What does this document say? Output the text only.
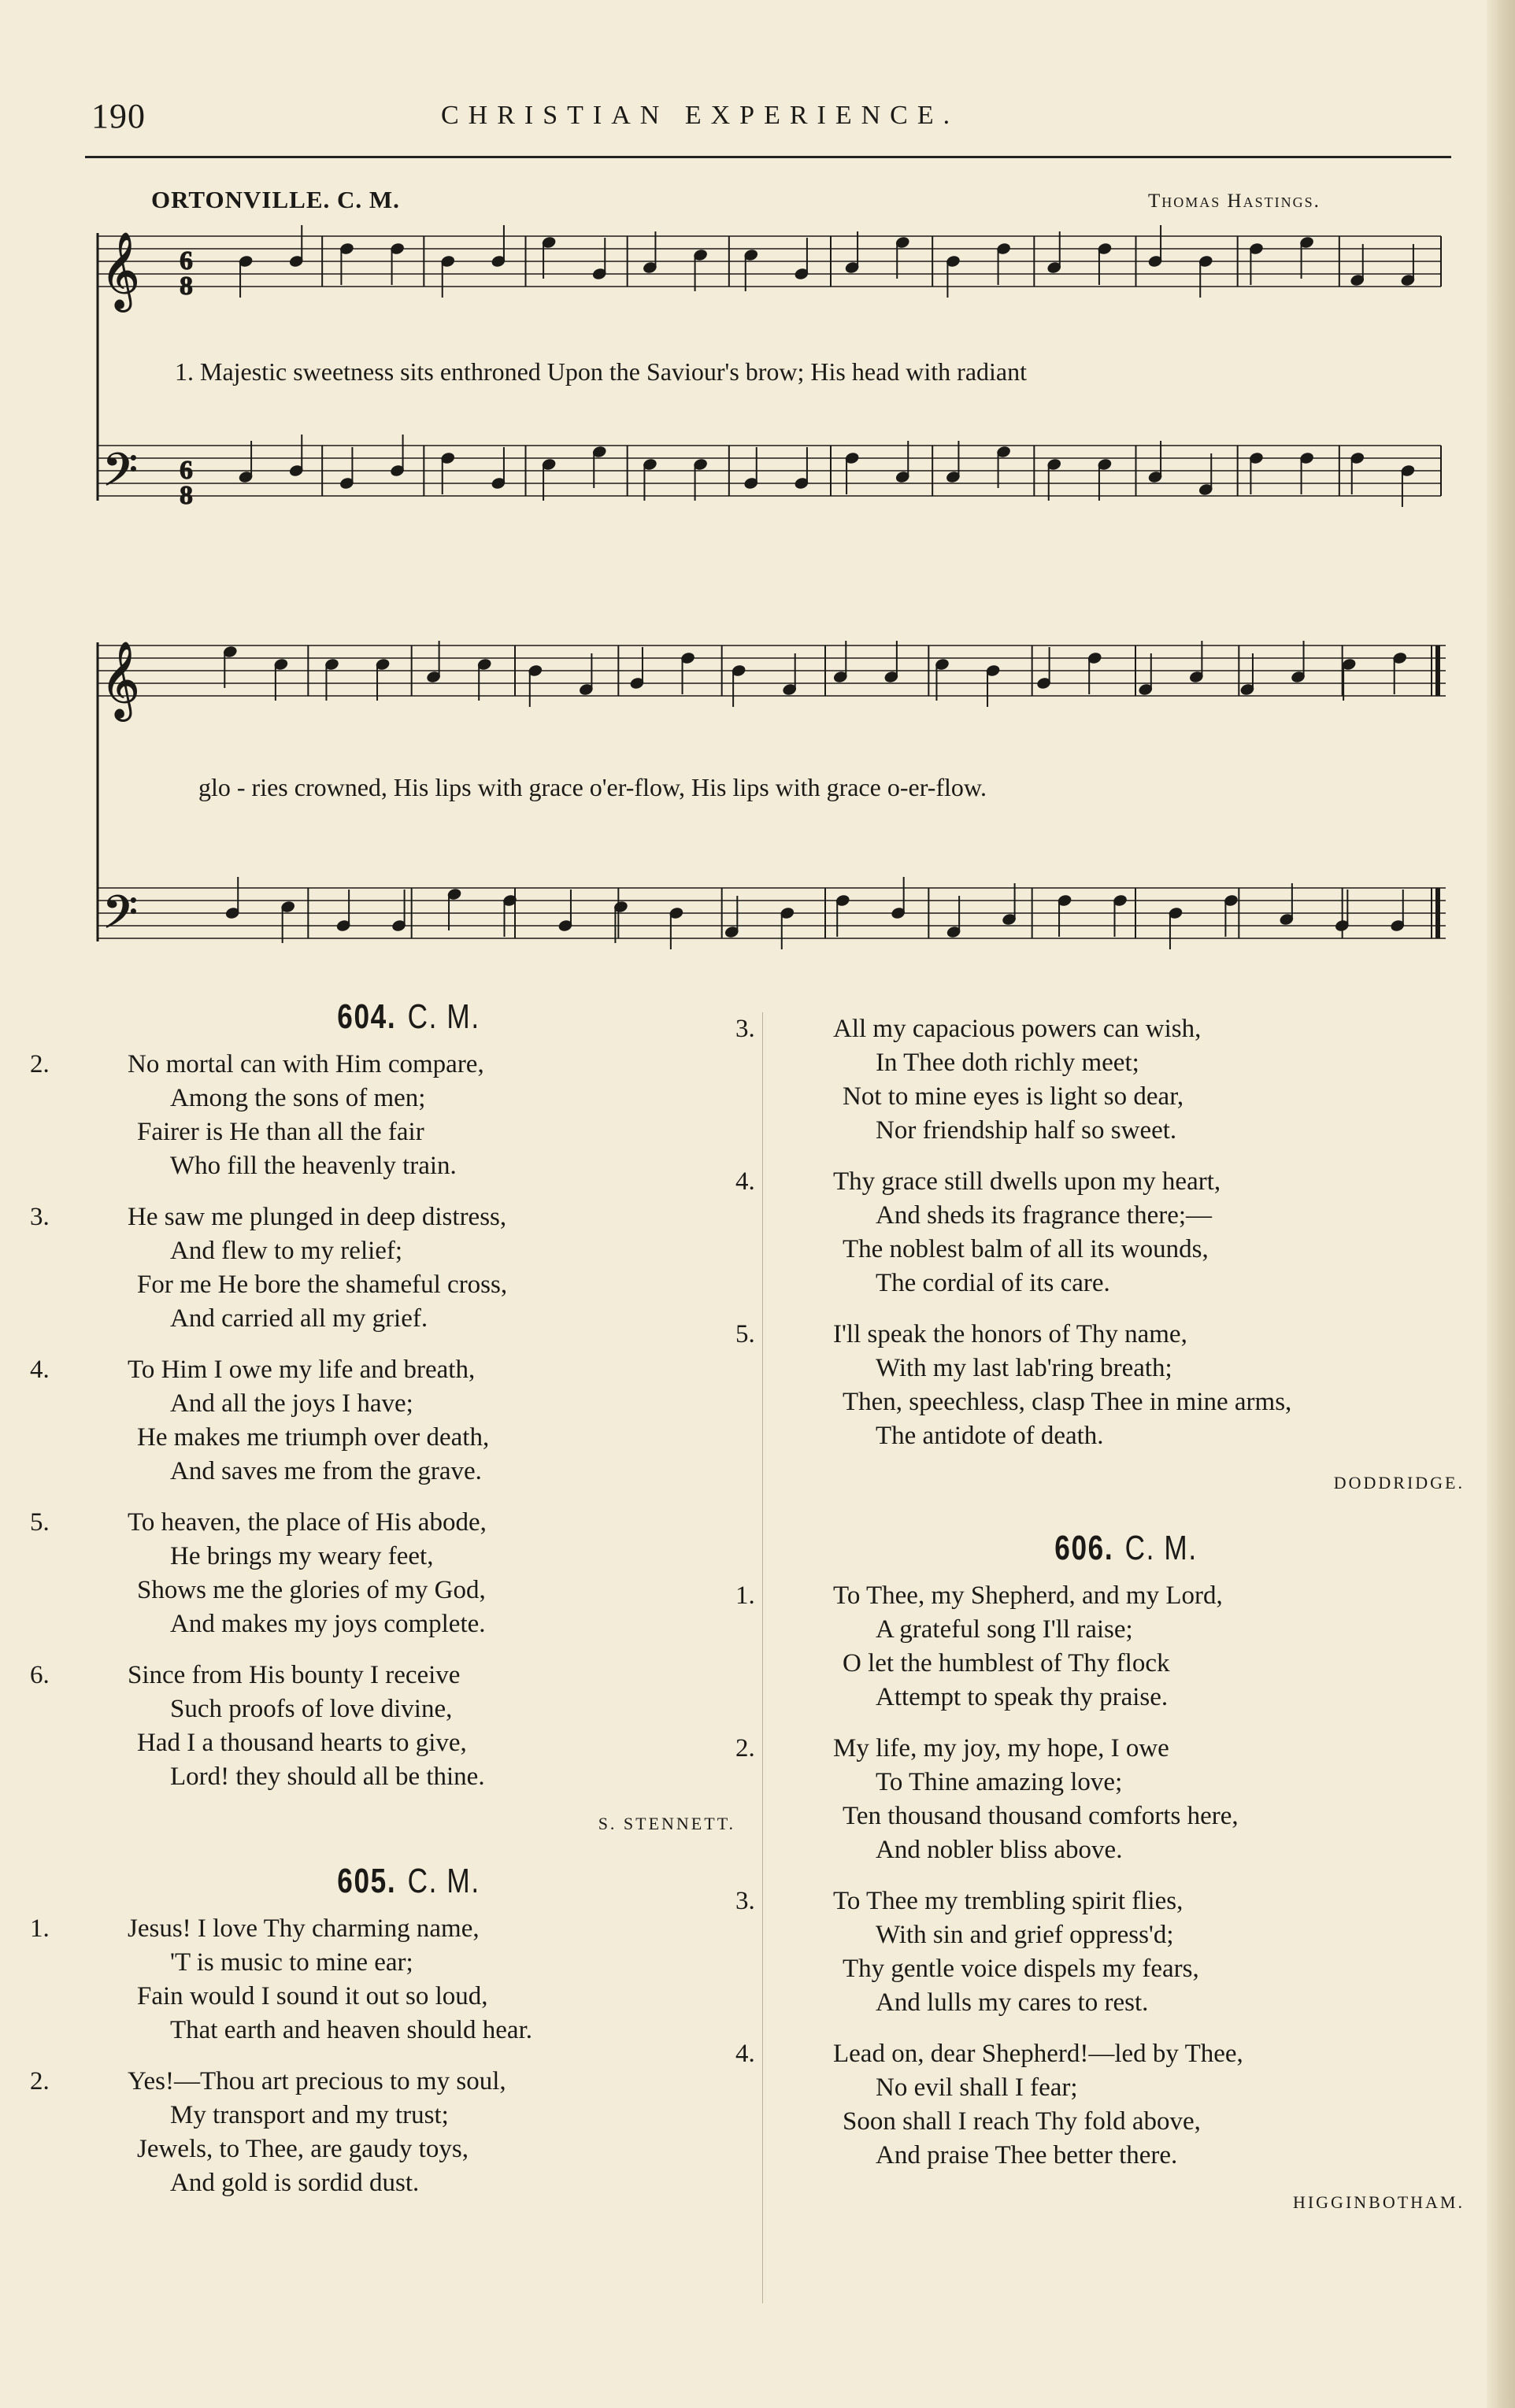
190	CHRISTIAN EXPERIENCE.
ORTONVILLE. C. M.	Thomas Hastings.
𝄞
𝄢
6
8
6
8
𝄞
𝄢
1. Majestic sweetness sits enthroned Upon the Saviour's brow; His head with radiant
glo - ries crowned, His lips with grace o'er-flow, His lips with grace o-er-flow.
604. C. M.
2.	No mortal can with Him compare,
Among the sons of men;
Fairer is He than all the fair
Who fill the heavenly train.
3.	He saw me plunged in deep distress,
And flew to my relief;
For me He bore the shameful cross,
And carried all my grief.
4.	To Him I owe my life and breath,
And all the joys I have;
He makes me triumph over death,
And saves me from the grave.
5.	To heaven, the place of His abode,
He brings my weary feet,
Shows me the glories of my God,
And makes my joys complete.
6.	Since from His bounty I receive
Such proofs of love divine,
Had I a thousand hearts to give,
Lord! they should all be thine.
S. STENNETT.
605. C. M.
1.	Jesus! I love Thy charming name,
'T is music to mine ear;
Fain would I sound it out so loud,
That earth and heaven should hear.
2.	Yes!—Thou art precious to my soul,
My transport and my trust;
Jewels, to Thee, are gaudy toys,
And gold is sordid dust.
3.	All my capacious powers can wish,
In Thee doth richly meet;
Not to mine eyes is light so dear,
Nor friendship half so sweet.
4.	Thy grace still dwells upon my heart,
And sheds its fragrance there;—
The noblest balm of all its wounds,
The cordial of its care.
5.	I'll speak the honors of Thy name,
With my last lab'ring breath;
Then, speechless, clasp Thee in mine arms,
The antidote of death.
DODDRIDGE.
606. C. M.
1.	To Thee, my Shepherd, and my Lord,
A grateful song I'll raise;
O let the humblest of Thy flock
Attempt to speak thy praise.
2.	My life, my joy, my hope, I owe
To Thine amazing love;
Ten thousand thousand comforts here,
And nobler bliss above.
3.	To Thee my trembling spirit flies,
With sin and grief oppress'd;
Thy gentle voice dispels my fears,
And lulls my cares to rest.
4.	Lead on, dear Shepherd!—led by Thee,
No evil shall I fear;
Soon shall I reach Thy fold above,
And praise Thee better there.
HIGGINBOTHAM.
